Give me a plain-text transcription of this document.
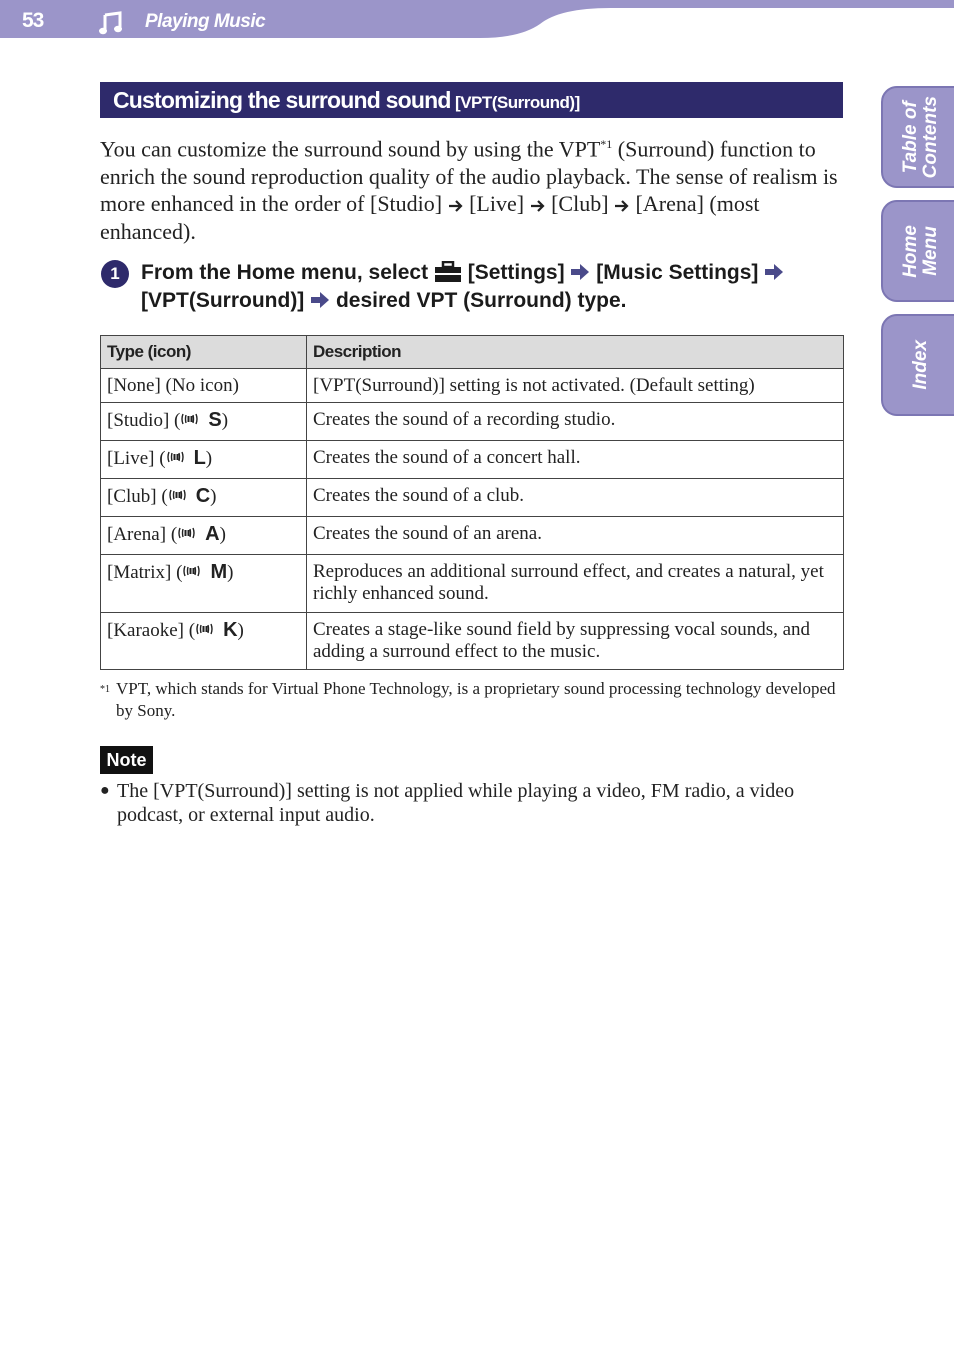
53	Playing Music
Table of
Contents
Home
Menu
Index
Customizing the surround sound [VPT(Surround)]
You can customize the surround sound by using the VPT$^{*1}$ (Surround) function to enrich the sound reproduction quality of the audio playback. The sense of realism is more enhanced in the order of [Studio]  [Live]  [Club]  [Arena] (most enhanced).
1	From the Home menu, select  [Settings]  [Music Settings]
[VPT(Surround)]  desired VPT (Surround) type.
Type (icon)	Description
[None] (No icon)	[VPT(Surround)] setting is not activated. (Default setting)
[Studio] ( S)	Creates the sound of a recording studio.
[Live] ( L)	Creates the sound of a concert hall.
[Club] ( C)	Creates the sound of a club.
[Arena] ( A)	Creates the sound of an arena.
[Matrix] ( M)	Reproduces an additional surround effect, and creates a natural, yet richly enhanced sound.
[Karaoke] ( K)	Creates a stage-like sound field by suppressing vocal sounds, and adding a surround effect to the music.
*1 VPT, which stands for Virtual Phone Technology, is a proprietary sound processing technology developed by Sony.
Note
● The [VPT(Surround)] setting is not applied while playing a video, FM radio, a video podcast, or external input audio.
